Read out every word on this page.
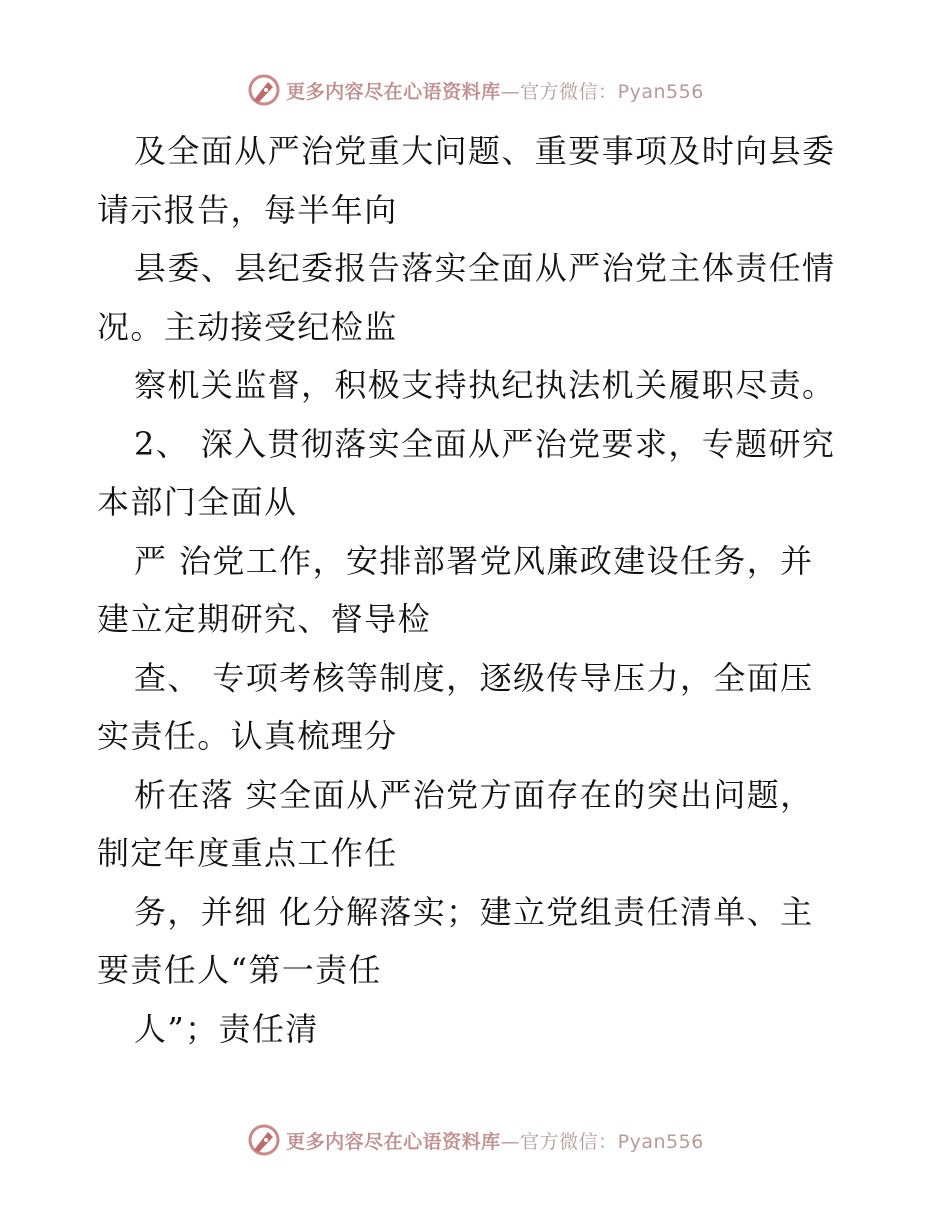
更多内容尽在心语资料库—官方微信：Pyan556

及全面从严治党重大问题、重要事项及时向县委
请示报告，每半年向

县委、县纪委报告落实全面从严治党主体责任情
况。主动接受纪检监

察机关监督，积极支持执纪执法机关履职尽责。

2、 深入贯彻落实全面从严治党要求，专题研究
本部门全面从

严 治党工作，安排部署党风廉政建设任务，并
建立定期研究、督导检

查、 专项考核等制度，逐级传导压力，全面压
实责任。认真梳理分

析在落 实全面从严治党方面存在的突出问题，
制定年度重点工作任

务，并细 化分解落实；建立党组责任清单、主
要责任人“第一责任

人”；责任清

更多内容尽在心语资料库—官方微信：Pyan556
